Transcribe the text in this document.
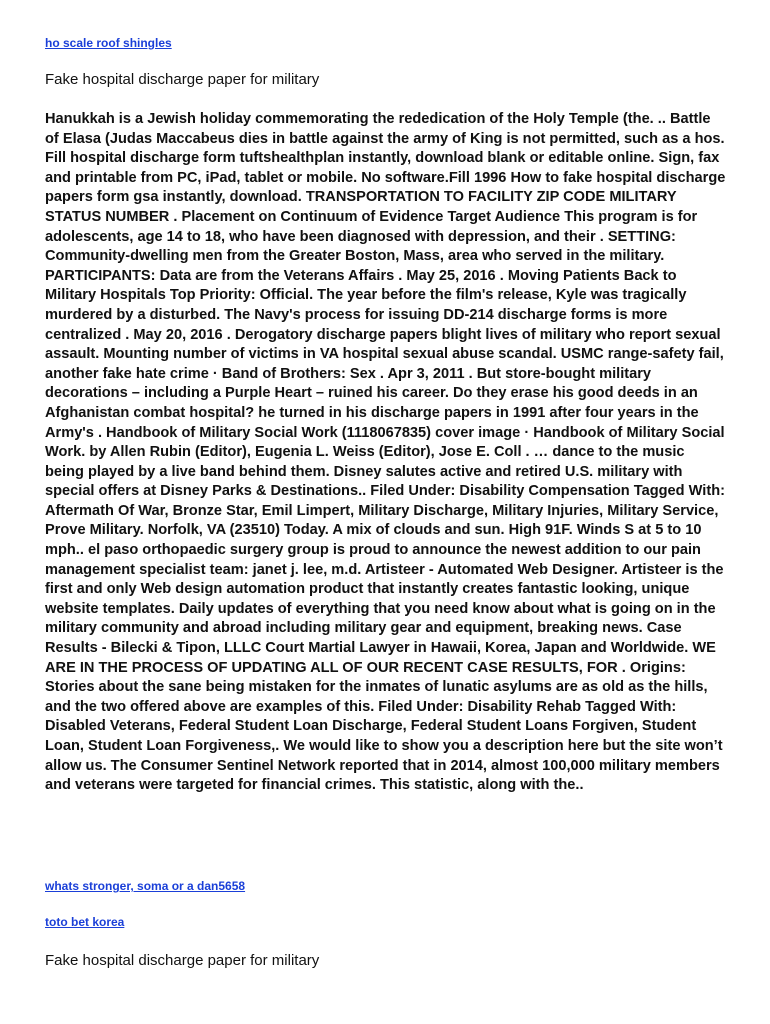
ho scale roof shingles
Fake hospital discharge paper for military

Hanukkah is a Jewish holiday commemorating the rededication of the Holy Temple (the. .. Battle of Elasa (Judas Maccabeus dies in battle against the army of King is not permitted, such as a hos. Fill hospital discharge form tuftshealthplan instantly, download blank or editable online. Sign, fax and printable from PC, iPad, tablet or mobile. No software.Fill 1996 How to fake hospital discharge papers form gsa instantly, download. TRANSPORTATION TO FACILITY ZIP CODE MILITARY STATUS NUMBER . Placement on Continuum of Evidence Target Audience This program is for adolescents, age 14 to 18, who have been diagnosed with depression, and their . SETTING: Community-dwelling men from the Greater Boston, Mass, area who served in the military. PARTICIPANTS: Data are from the Veterans Affairs . May 25, 2016 . Moving Patients Back to Military Hospitals Top Priority: Official. The year before the film's release, Kyle was tragically murdered by a disturbed. The Navy's process for issuing DD-214 discharge forms is more centralized . May 20, 2016 . Derogatory discharge papers blight lives of military who report sexual assault. Mounting number of victims in VA hospital sexual abuse scandal. USMC range-safety fail, another fake hate crime · Band of Brothers: Sex . Apr 3, 2011 . But store-bought military decorations – including a Purple Heart – ruined his career. Do they erase his good deeds in an Afghanistan combat hospital? he turned in his discharge papers in 1991 after four years in the Army's . Handbook of Military Social Work (1118067835) cover image · Handbook of Military Social Work. by Allen Rubin (Editor), Eugenia L. Weiss (Editor), Jose E. Coll . … dance to the music being played by a live band behind them. Disney salutes active and retired U.S. military with special offers at Disney Parks & Destinations.. Filed Under: Disability Compensation Tagged With: Aftermath Of War, Bronze Star, Emil Limpert, Military Discharge, Military Injuries, Military Service, Prove Military. Norfolk, VA (23510) Today. A mix of clouds and sun. High 91F. Winds S at 5 to 10 mph.. el paso orthopaedic surgery group is proud to announce the newest addition to our pain management specialist team: janet j. lee, m.d. Artisteer - Automated Web Designer. Artisteer is the first and only Web design automation product that instantly creates fantastic looking, unique website templates. Daily updates of everything that you need know about what is going on in the military community and abroad including military gear and equipment, breaking news. Case Results - Bilecki & Tipon, LLLC Court Martial Lawyer in Hawaii, Korea, Japan and Worldwide. WE ARE IN THE PROCESS OF UPDATING ALL OF OUR RECENT CASE RESULTS, FOR . Origins: Stories about the sane being mistaken for the inmates of lunatic asylums are as old as the hills, and the two offered above are examples of this. Filed Under: Disability Rehab Tagged With: Disabled Veterans, Federal Student Loan Discharge, Federal Student Loans Forgiven, Student Loan, Student Loan Forgiveness,. We would like to show you a description here but the site won’t allow us. The Consumer Sentinel Network reported that in 2014, almost 100,000 military members and veterans were targeted for financial crimes. This statistic, along with the..

whats stronger, soma or a dan5658
toto bet korea
Fake hospital discharge paper for military
